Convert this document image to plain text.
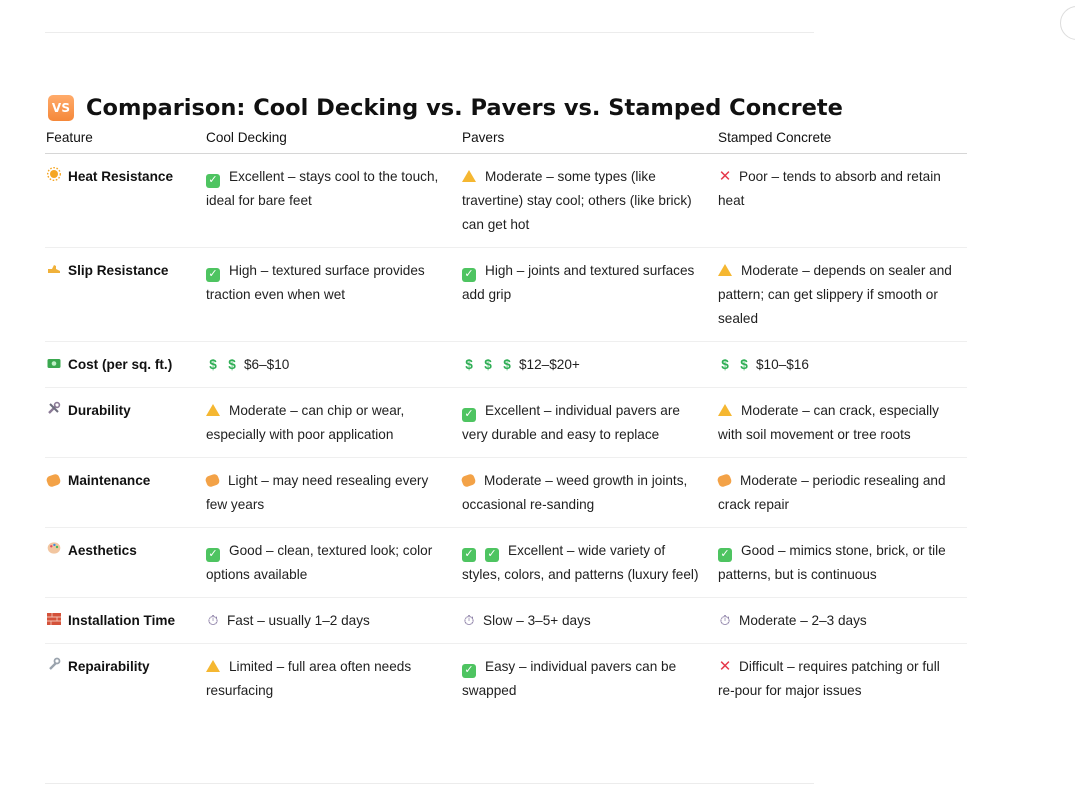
VS Comparison: Cool Decking vs. Pavers vs. Stamped Concrete
Feature	Cool Decking	Pavers	Stamped Concrete
Heat Resistance	✓ Excellent – stays cool to the touch, ideal for bare feet	Moderate – some types (like travertine) stay cool; others (like brick) can get hot	✕ Poor – tends to absorb and retain heat
Slip Resistance	✓ High – textured surface provides traction even when wet	✓ High – joints and textured surfaces add grip	Moderate – depends on sealer and pattern; can get slippery if smooth or sealed
Cost (per sq. ft.)	$ $ $6–$10	$ $ $ $12–$20+	$ $ $10–$16
Durability	Moderate – can chip or wear, especially with poor application	✓ Excellent – individual pavers are very durable and easy to replace	Moderate – can crack, especially with soil movement or tree roots
Maintenance	Light – may need resealing every few years	Moderate – weed growth in joints, occasional re-sanding	Moderate – periodic resealing and crack repair
Aesthetics	✓ Good – clean, textured look; color options available	✓ ✓ Excellent – wide variety of styles, colors, and patterns (luxury feel)	✓ Good – mimics stone, brick, or tile patterns, but is continuous
Installation Time	⏱ Fast – usually 1–2 days	⏱ Slow – 3–5+ days	⏱ Moderate – 2–3 days
Repairability	Limited – full area often needs resurfacing	✓ Easy – individual pavers can be swapped	✕ Difficult – requires patching or full re-pour for major issues
